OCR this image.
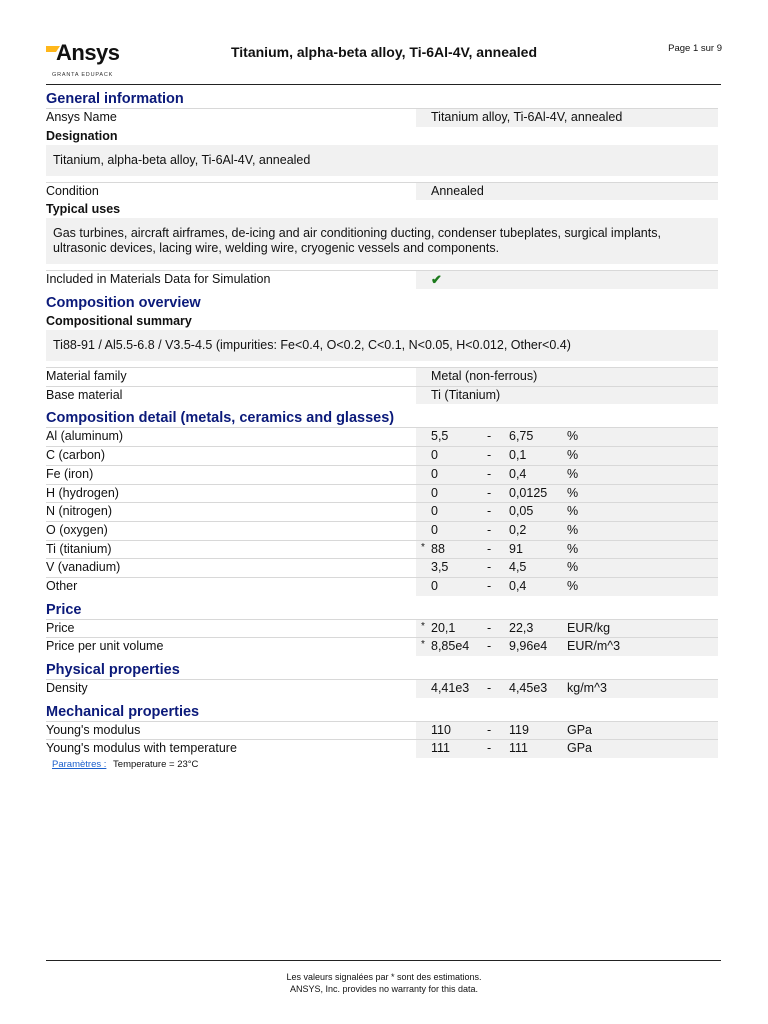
Ansys
GRANTA EDUPACK
Titanium, alpha-beta alloy, Ti-6Al-4V, annealed	Page 1 sur 9
General information
Ansys Name	Titanium alloy, Ti-6Al-4V, annealed
Designation
Titanium, alpha-beta alloy, Ti-6Al-4V, annealed
Condition	Annealed
Typical uses
Gas turbines, aircraft airframes, de-icing and air conditioning ducting, condenser tubeplates, surgical implants, ultrasonic devices, lacing wire, welding wire, cryogenic vessels and components.
Included in Materials Data for Simulation	✔
Composition overview
Compositional summary
Ti88-91 / Al5.5-6.8 / V3.5-4.5 (impurities: Fe<0.4, O<0.2, C<0.1, N<0.05, H<0.012, Other<0.4)
Material family	Metal (non-ferrous)
Base material	Ti (Titanium)
Composition detail (metals, ceramics and glasses)
Al (aluminum)	5,5	- 6,75	%
C (carbon)	0	- 0,1	%
Fe (iron)	0	- 0,4	%
H (hydrogen)	0	- 0,0125 %
N (nitrogen)	0	- 0,05	%
O (oxygen)	0	- 0,2	%
Ti (titanium)	* 88	- 91	%
V (vanadium)	3,5	- 4,5	%
Other	0	- 0,4	%
Price
Price	* 20,1	- 22,3	EUR/kg
Price per unit volume	* 8,85e4 - 9,96e4 EUR/m^3
Physical properties
Density	4,41e3 - 4,45e3 kg/m^3
Mechanical properties
Young's modulus	110	- 119	GPa
Young's modulus with temperature	111	- 111	GPa
Paramètres : Temperature = 23°C
Les valeurs signalées par * sont des estimations.
ANSYS, Inc. provides no warranty for this data.
